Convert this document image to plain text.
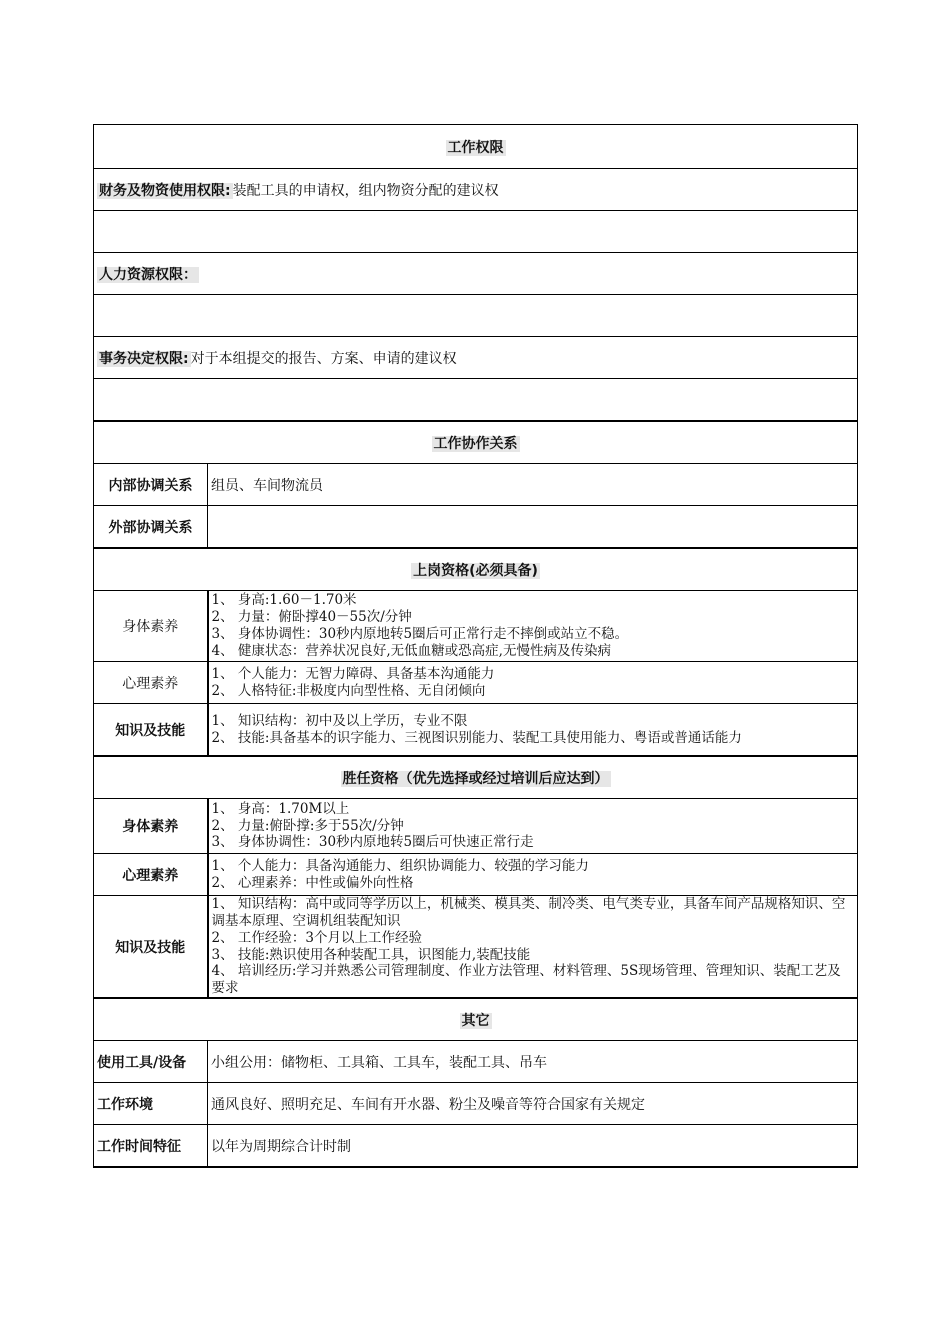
工作权限	
财务及物资使用权限: 装配工具的申请权，组内物资分配的建议权	

人力资源权限：	

事务决定权限: 对于本组提交的报告、方案、申请的建议权	

工作协作关系	
内部协调关系	组员、车间物流员
外部协调关系	
上岗资格(必须具备)	
身体素养	1、 身高:1.60－1.70米
2、 力量：俯卧撑40－55次/分钟
3、 身体协调性：30秒内原地转5圈后可正常行走不摔倒或站立不稳。
4、 健康状态：营养状况良好,无低血糖或恐高症,无慢性病及传染病

心理素养	1、 个人能力：无智力障碍、具备基本沟通能力
2、 人格特征:非极度内向型性格、无自闭倾向

知识及技能	1、 知识结构：初中及以上学历，专业不限
2、 技能:具备基本的识字能力、三视图识别能力、装配工具使用能力、粤语或普通话能力

胜任资格（优先选择或经过培训后应达到）	
身体素养	1、 身高：1.70M以上
2、 力量:俯卧撑:多于55次/分钟
3、 身体协调性：30秒内原地转5圈后可快速正常行走

心理素养	1、 个人能力：具备沟通能力、组织协调能力、较强的学习能力
2、 心理素养：中性或偏外向性格

知识及技能	1、 知识结构：高中或同等学历以上，机械类、模具类、制冷类、电气类专业，具备车间产品规格知识、空调基本原理、空调机组装配知识
2、 工作经验：3个月以上工作经验
3、 技能:熟识使用各种装配工具，识图能力,装配技能
4、 培训经历:学习并熟悉公司管理制度、作业方法管理、材料管理、5S现场管理、管理知识、装配工艺及要求

其它	
使用工具/设备	小组公用：储物柜、工具箱、工具车，装配工具、吊车
工作环境	通风良好、照明充足、车间有开水器、粉尘及噪音等符合国家有关规定
工作时间特征	以年为周期综合计时制
